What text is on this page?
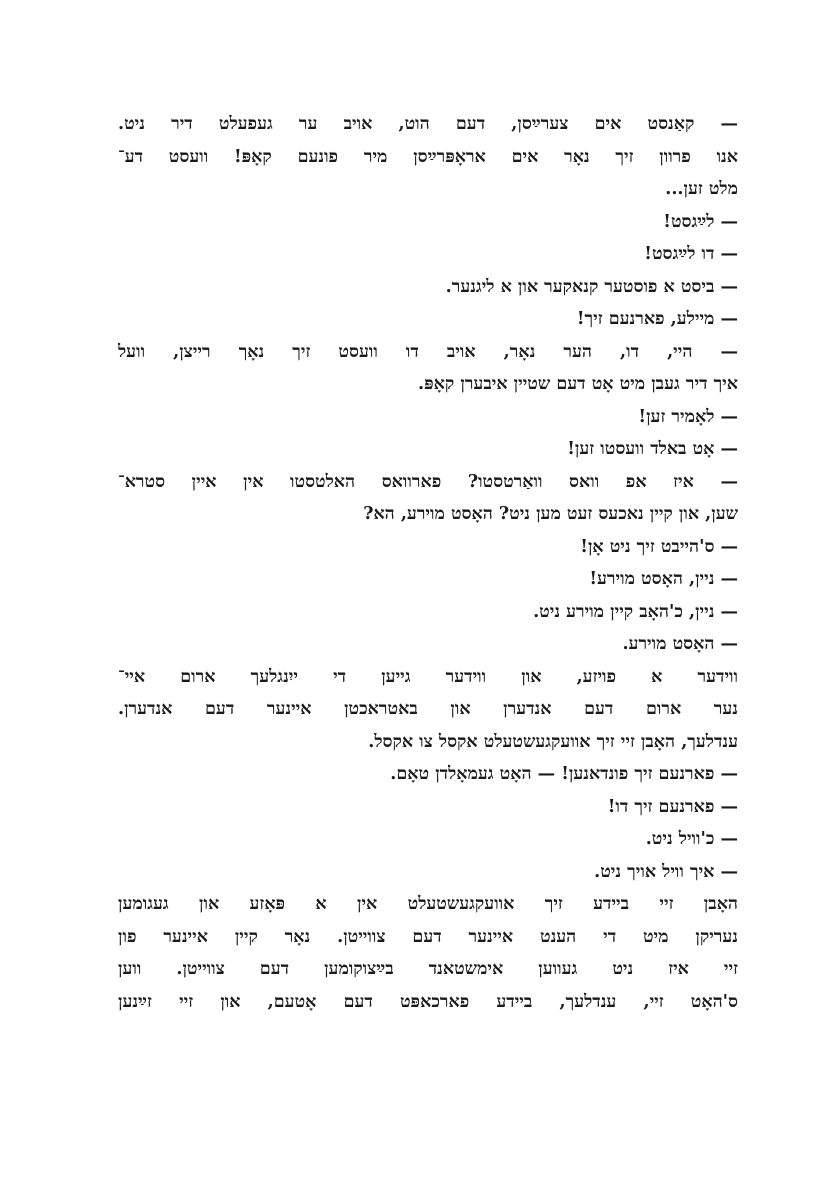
— קאַנסט אים צערײַסן, דעם הוט, אויב ער געפעלט דיר ניט.
אנו פרוון זיך נאָר אים אראָפּרײַסן מיר פונעם קאָפּ! וועסט דע־
מלט זען...
— לײַגסט!
— דו לײַגסט!
— ביסט א פוסטער קנאקער און א ליגנער.
— מיילע, פארנעם זיך!
— היי, דו, הער נאָר, אויב דו וועסט זיך נאָך רייצן, וועל
איך דיר געבן מיט אָט דעם שטיין איבערן קאָפּ.
— לאָמיר זען!
— אָט באלד וועסטו זען!
— איז אפ וואס וואַרטסטו? פארוואס האלטסטו אין איין סטרא־
שען, און קיין נאכעס זעט מען ניט? האָסט מוירע, הא?
— ס'הייבט זיך ניט אָן!
— ניין, האָסט מוירע!
— ניין, כ'האָב קיין מוירע ניט.
— האָסט מוירע.
ווידער א פויזע, און ווידער גייען די ייִנגלעך ארום איי־
נער ארום דעם אנדערן און באטראכטן איינער דעם אנדערן.
ענדלעך, האָבן זיי זיך אוועקגעשטעלט אקסל צו אקסל.
— פארנעם זיך פונדאנען! — האָט געמאָלדן טאָם.
— פארנעם זיך דו!
— כ'וויל ניט.
— איך וויל אויך ניט.
האָבן זיי ביידע זיך אוועקגעשטעלט אין א פּאָזע און געגומען
נעריקן מיט די הענט איינער דעם צווייטן. נאָר קיין איינער פון
זיי איז ניט געווען אימשטאנד בײַצוקומען דעם צווייטן. ווען
ס'האָט זיי, ענדלעך, ביידע פארכאפּט דעם אָטעם, און זיי זײַנען
